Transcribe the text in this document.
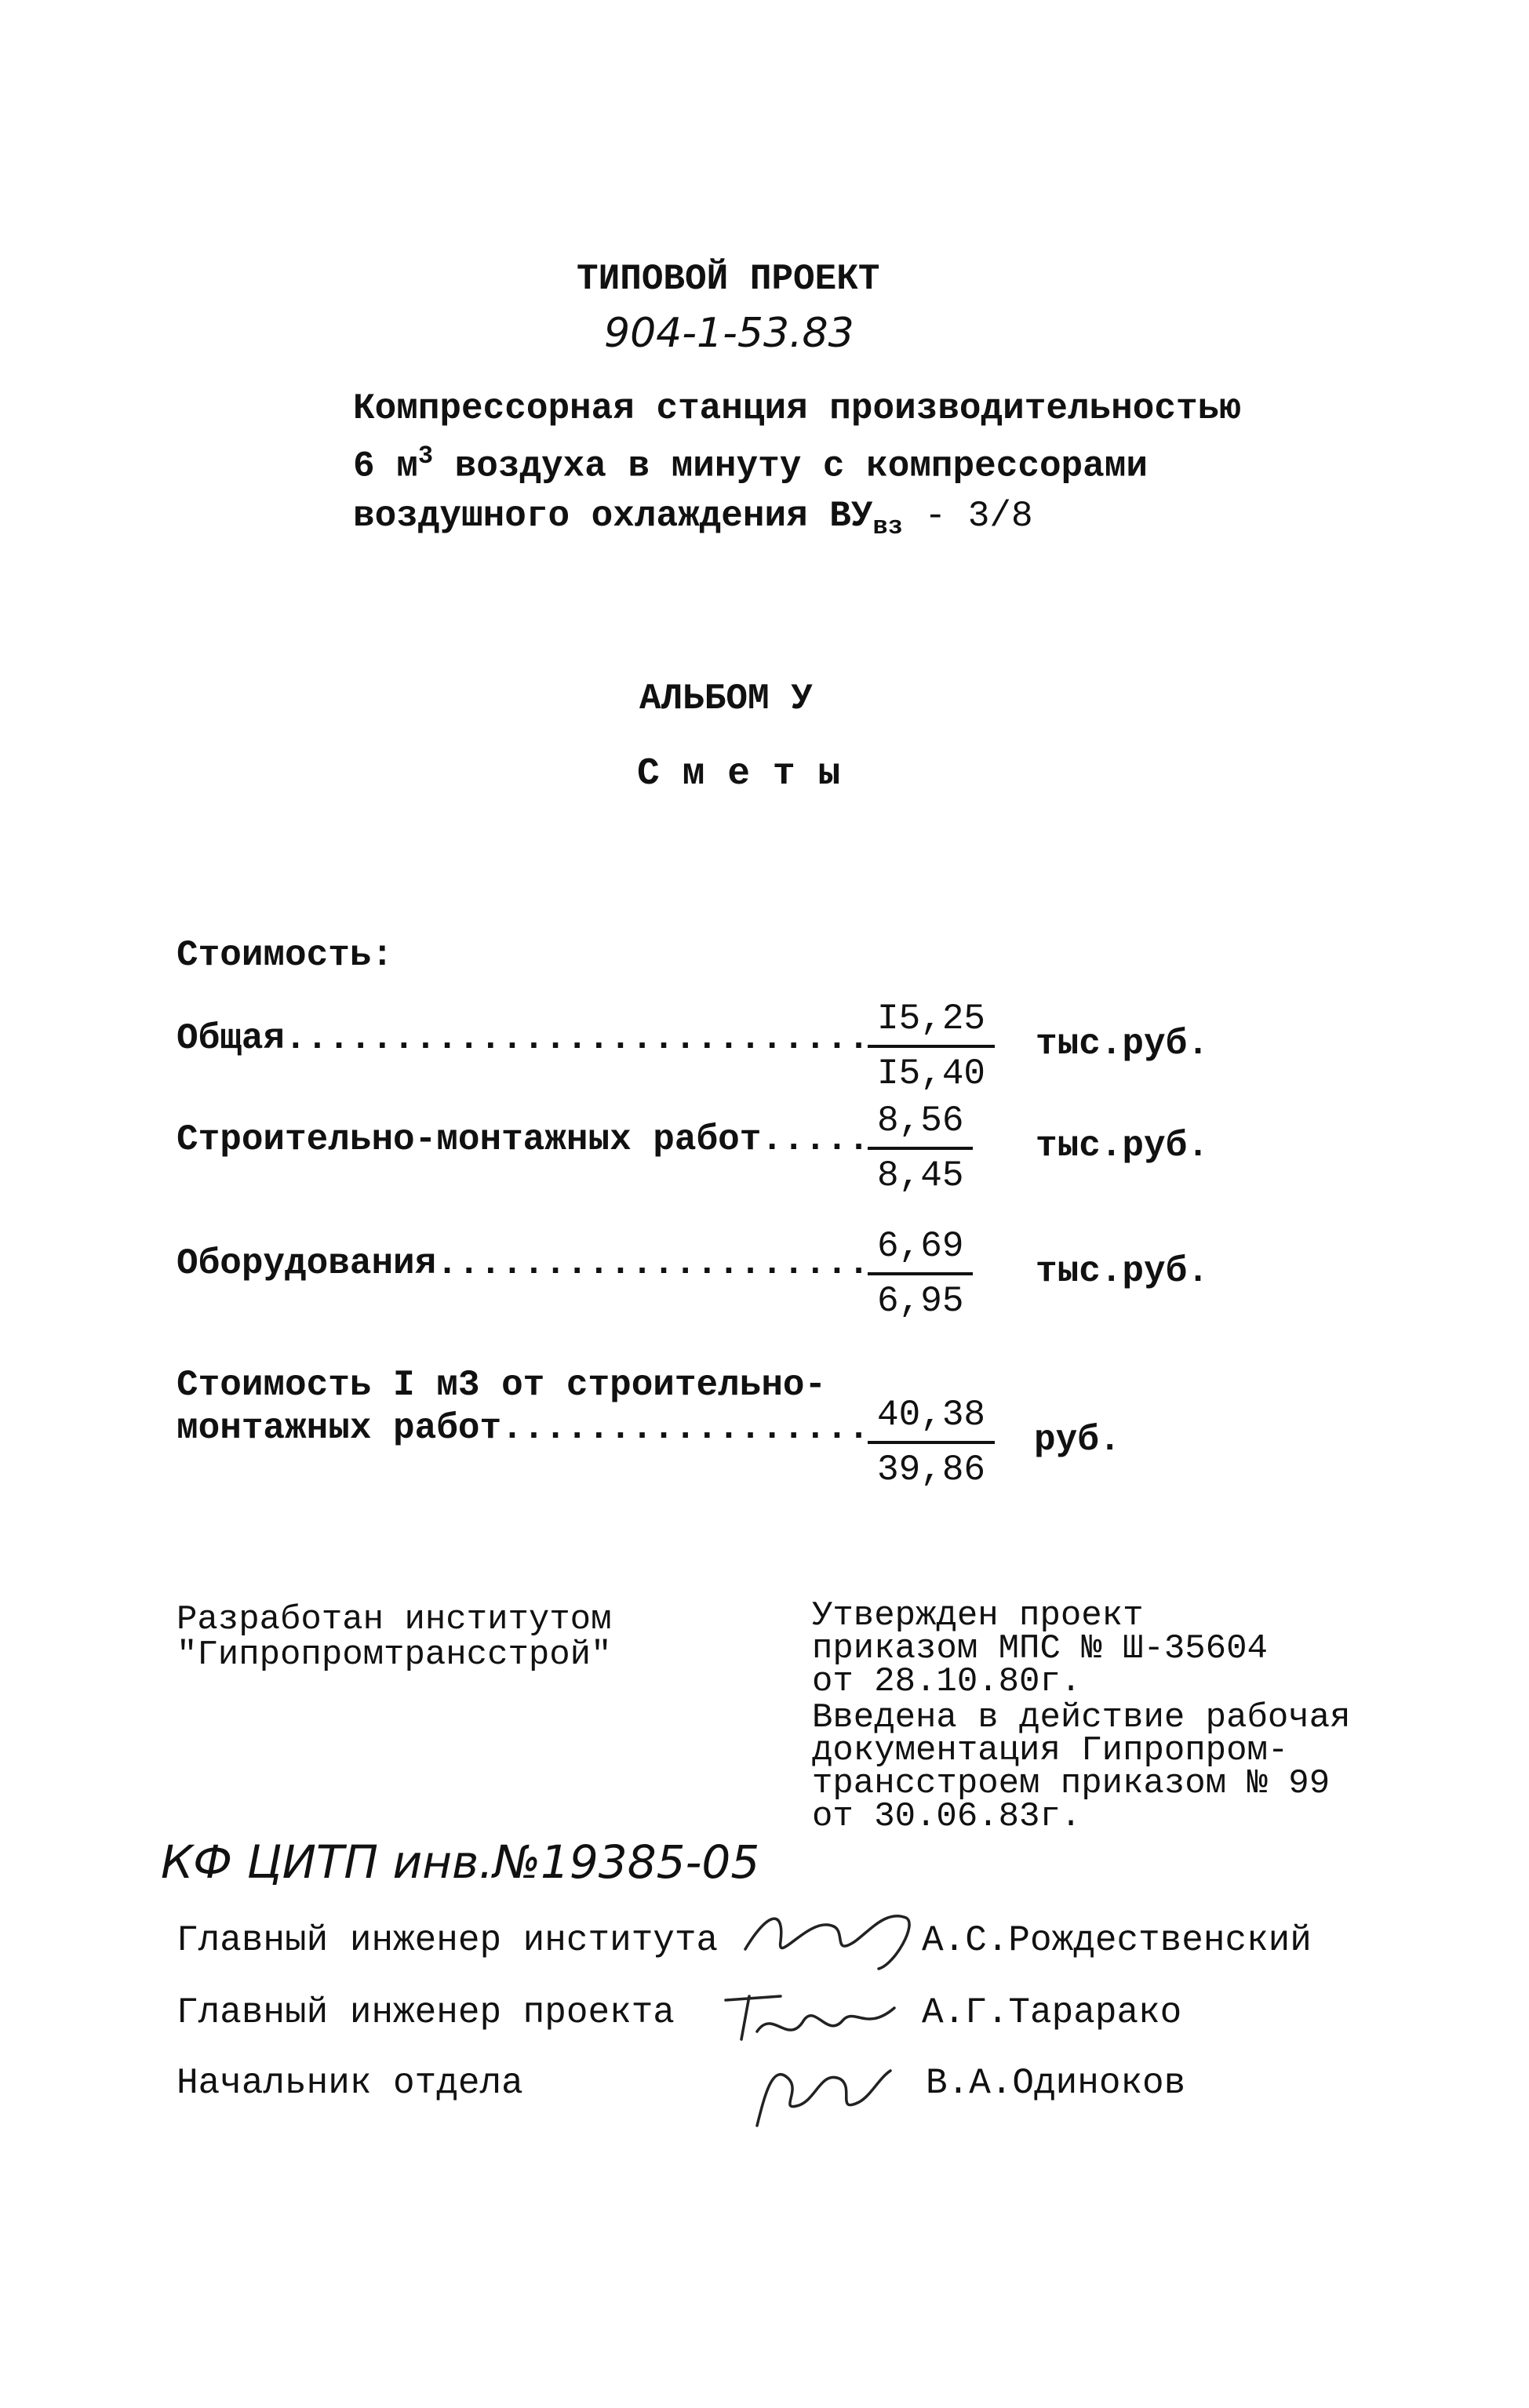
ТИПОВОЙ ПРОЕКТ
904-1-53.83
Компрессорная станция производительностью
6 $м^3$ воздуха в минуту с компрессорами
воздушного охлаждения $ВУ_{вз} - 3/8$
АЛЬБОМ У
С м е т ы
Стоимость:
Общая...........................
$\frac{I5,25}{I5,40} тыс.руб$.
Строительно-монтажных работ.....
$\frac{8,56}{8,45} тыс.руб$.
Оборудования....................
$\frac{6,69}{6,95} тыс.руб$.
Стоимость I м3 от строительно-
монтажных работ.................
$\frac{40,38}{39,86}$ руб.
Разработан институтом
"Гипропромтрансстрой"
Утвержден проект
приказом МПС № Ш-35604
от 28.10.80г.
Введена в действие рабочая
документация Гипропром-
трансстроем приказом № 99
от 30.06.83г.
КФ ЦИТП инв.№19385-05
Главный инженер института	А.С.Рождественский
Главный инженер проекта	А.Г.Тарарако
Начальник отдела	В.А.Одинокoв
